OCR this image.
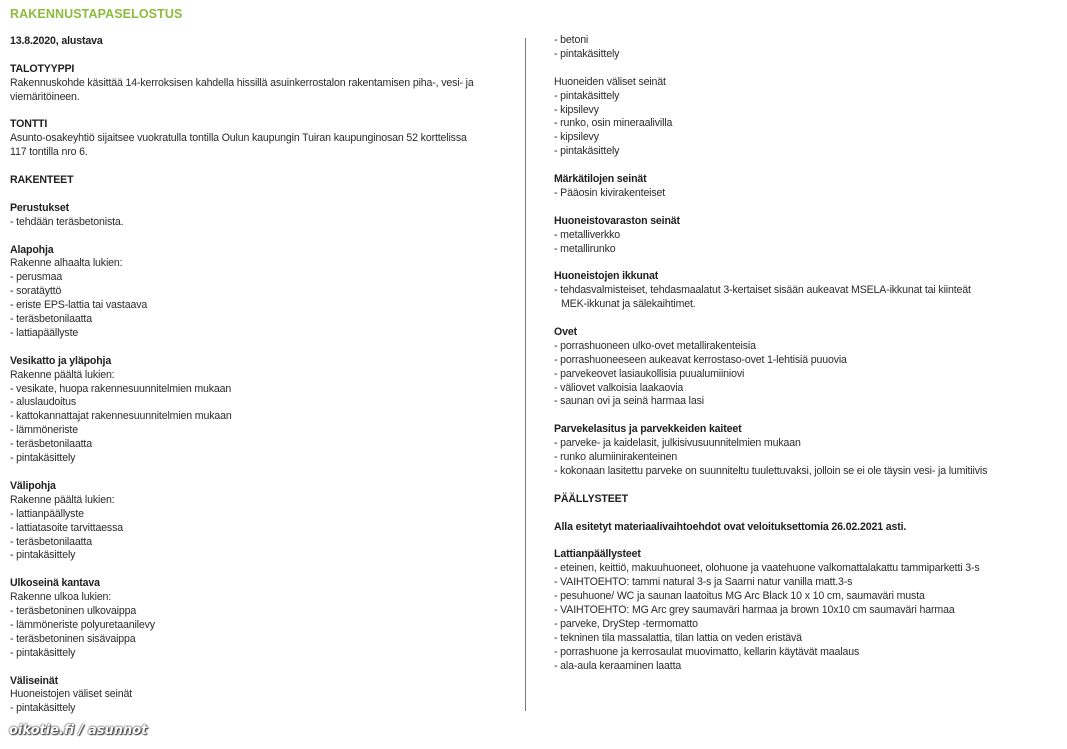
RAKENNUSTAPASELOSTUS
13.8.2020, alustava
TALOTYYPPI
Rakennuskohde käsittää 14-kerroksisen kahdella hissillä asuinkerrostalon rakentamisen piha-, vesi- ja
viemäritöineen.
TONTTI
Asunto-osakeyhtiö sijaitsee vuokratulla tontilla Oulun kaupungin Tuiran kaupunginosan 52 korttelissa
117 tontilla nro 6.
RAKENTEET
Perustukset
- tehdään teräsbetonista.
Alapohja
Rakenne alhaalta lukien:
- perusmaa
- soratäyttö
- eriste EPS-lattia tai vastaava
- teräsbetonilaatta
- lattiapäällyste
Vesikatto ja yläpohja
Rakenne päältä lukien:
- vesikate, huopa rakennesuunnitelmien mukaan
- aluslaudoitus
- kattokannattajat rakennesuunnitelmien mukaan
- lämmöneriste
- teräsbetonilaatta
- pintakäsittely
Välipohja
Rakenne päältä lukien:
- lattianpäällyste
- lattiatasoite tarvittaessa
- teräsbetonilaatta
- pintakäsittely
Ulkoseinä kantava
Rakenne ulkoa lukien:
- teräsbetoninen ulkovaippa
- lämmöneriste polyuretaanilevy
- teräsbetoninen sisävaippa
- pintakäsittely
Väliseinät
Huoneistojen väliset seinät
- pintakäsittely
- betoni
- pintakäsittely
Huoneiden väliset seinät
- pintakäsittely
- kipsilevy
- runko, osin mineraalivilla
- kipsilevy
- pintakäsittely
Märkätilojen seinät
- Pääosin kivirakenteiset
Huoneistovaraston seinät
- metalliverkko
- metallirunko
Huoneistojen ikkunat
- tehdasvalmisteiset, tehdasmaalatut 3-kertaiset sisään aukeavat MSELA-ikkunat tai kiinteät
MEK-ikkunat ja sälekaihtimet.
Ovet
- porrashuoneen ulko-ovet metallirakenteisia
- porrashuoneeseen aukeavat kerrostaso-ovet 1-lehtisiä puuovia
- parvekeovet lasiaukollisia puualumiiniovi
- väliovet valkoisia laakaovia
- saunan ovi ja seinä harmaa lasi
Parvekelasitus ja parvekkeiden kaiteet
- parveke- ja kaidelasit, julkisivusuunnitelmien mukaan
- runko alumiinirakenteinen
- kokonaan lasitettu parveke on suunniteltu tuulettuvaksi, jolloin se ei ole täysin vesi- ja lumitiivis
PÄÄLLYSTEET
Alla esitetyt materiaalivaihtoehdot ovat veloituksettomia 26.02.2021 asti.
Lattianpäällysteet
- eteinen, keittiö, makuuhuoneet, olohuone ja vaatehuone valkomattalakattu tammiparketti 3-s
- VAIHTOEHTO: tammi natural 3-s ja Saarni natur vanilla matt.3-s
- pesuhuone/ WC ja saunan laatoitus MG Arc Black 10 x 10 cm, saumaväri musta
- VAIHTOEHTO: MG Arc grey saumaväri harmaa ja brown 10x10 cm saumaväri harmaa
- parveke, DryStep -termomatto
- tekninen tila massalattia, tilan lattia on veden eristävä
- porrashuone ja kerrosaulat muovimatto, kellarin käytävät maalaus
- ala-aula keraaminen laatta
oikotie.fi / asunnot
